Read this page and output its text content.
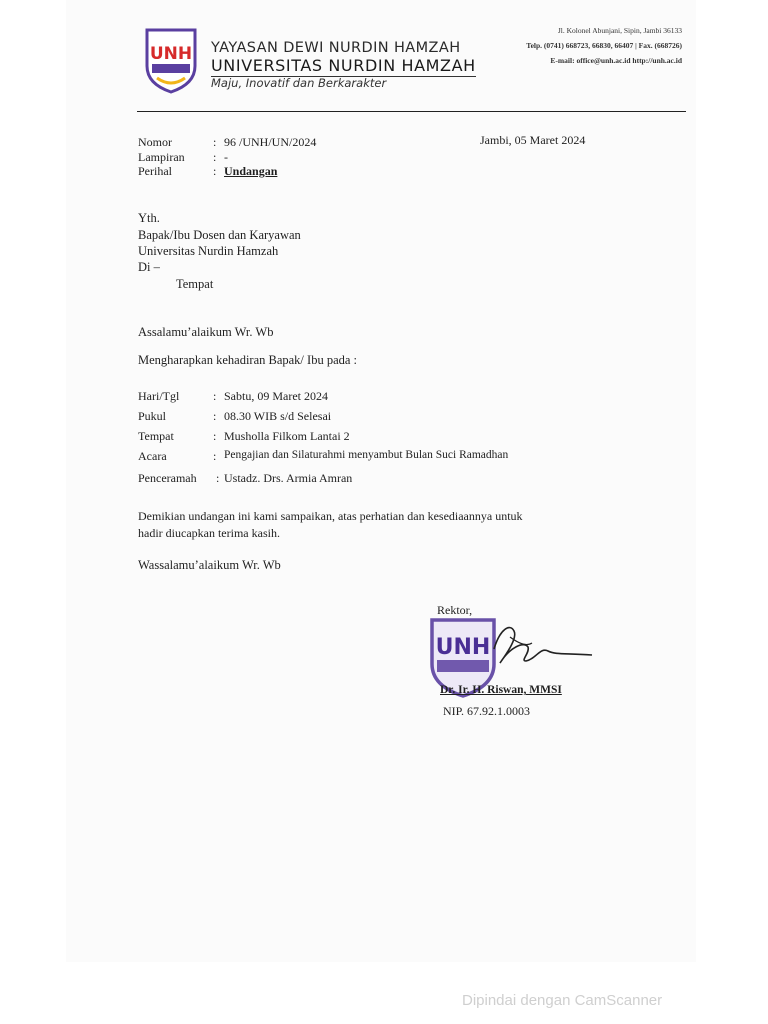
UNH YAYASAN DEWI NURDIN HAMZAH
UNIVERSITAS NURDIN HAMZAH
Maju, Inovatif dan Berkarakter
Jl. Kolonel Abunjani, Sipin, Jambi 36133
Telp. (0741) 668723, 66830, 66407 | Fax. (668726)
E-mail: office@unh.ac.id http://unh.ac.id
Nomor	: 96 /UNH/UN/2024	Jambi, 05 Maret 2024
Lampiran : -
Perihal	: Undangan
Yth.
Bapak/Ibu Dosen dan Karyawan
Universitas Nurdin Hamzah
Di –
Tempat
Assalamu’alaikum Wr. Wb
Mengharapkan kehadiran Bapak/ Ibu pada :
Hari/Tgl	: Sabtu, 09 Maret 2024
Pukul	: 08.30 WIB s/d Selesai
Tempat	: Musholla Filkom Lantai 2
Acara	: Pengajian dan Silaturahmi menyambut Bulan Suci Ramadhan
Penceramah : Ustadz. Drs. Armia Amran
Demikian undangan ini kami sampaikan, atas perhatian dan kesediaannya untuk
hadir diucapkan terima kasih.
Wassalamu’alaikum Wr. Wb
Rektor,
UNH
Dr. Ir. H. Riswan, MMSI
NIP. 67.92.1.0003
Dipindai dengan CamScanner
